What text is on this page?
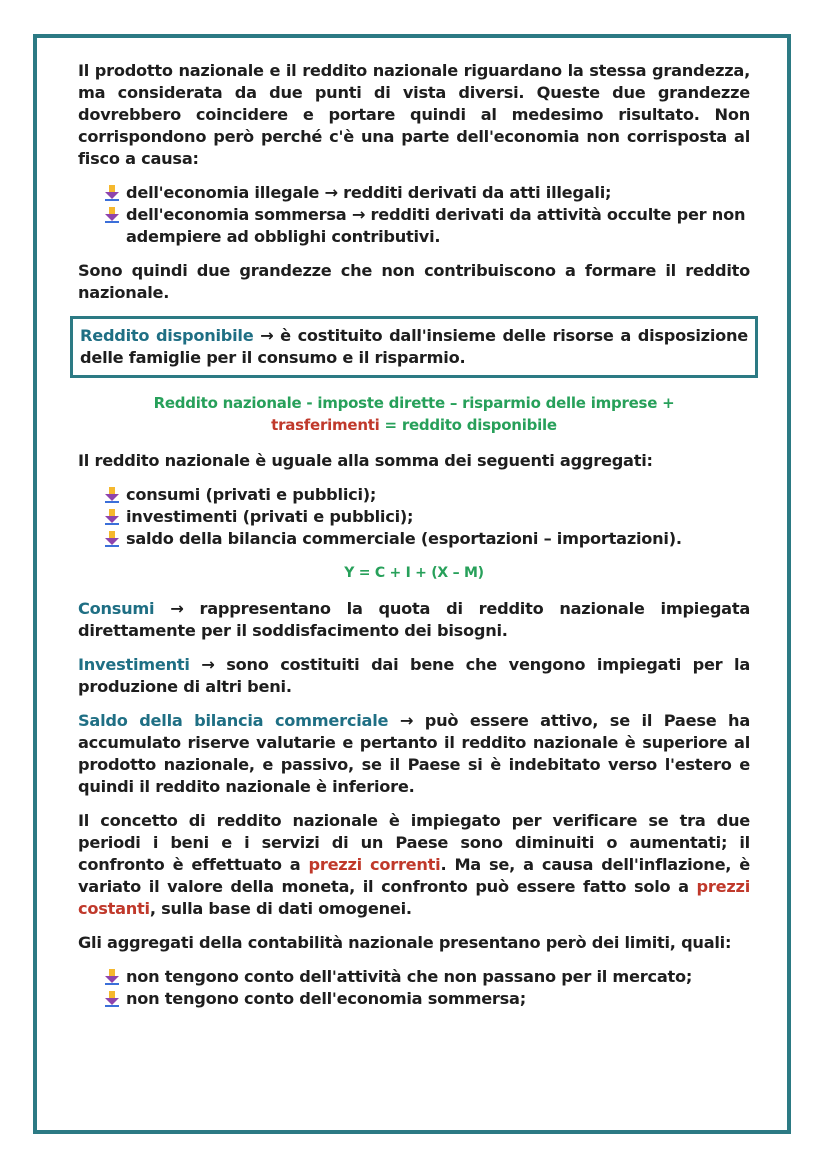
Il prodotto nazionale e il reddito nazionale riguardano la stessa grandezza, ma considerata da due punti di vista diversi. Queste due grandezze dovrebbero coincidere e portare quindi al medesimo risultato. Non corrispondono però perché c'è una parte dell'economia non corrisposta al fisco a causa:

dell'economia illegale → redditi derivati da atti illegali;
dell'economia sommersa → redditi derivati da attività occulte per non adempiere ad obblighi contributivi.

Sono quindi due grandezze che non contribuiscono a formare il reddito nazionale.

Reddito disponibile → è costituito dall'insieme delle risorse a disposizione delle famiglie per il consumo e il risparmio.
Reddito nazionale - imposte dirette – risparmio delle imprese +
trasferimenti = reddito disponibile

Il reddito nazionale è uguale alla somma dei seguenti aggregati:

consumi (privati e pubblici);
investimenti (privati e pubblici);
saldo della bilancia commerciale (esportazioni – importazioni).
Y = C + I + (X – M)

Consumi → rappresentano la quota di reddito nazionale impiegata direttamente per il soddisfacimento dei bisogni.

Investimenti → sono costituiti dai bene che vengono impiegati per la produzione di altri beni.

Saldo della bilancia commerciale → può essere attivo, se il Paese ha accumulato riserve valutarie e pertanto il reddito nazionale è superiore al prodotto nazionale, e passivo, se il Paese si è indebitato verso l'estero e quindi il reddito nazionale è inferiore.

Il concetto di reddito nazionale è impiegato per verificare se tra due periodi i beni e i servizi di un Paese sono diminuiti o aumentati; il confronto è effettuato a prezzi correnti. Ma se, a causa dell'inflazione, è variato il valore della moneta, il confronto può essere fatto solo a prezzi costanti, sulla base di dati omogenei.

Gli aggregati della contabilità nazionale presentano però dei limiti, quali:

non tengono conto dell'attività che non passano per il mercato;
non tengono conto dell'economia sommersa;
